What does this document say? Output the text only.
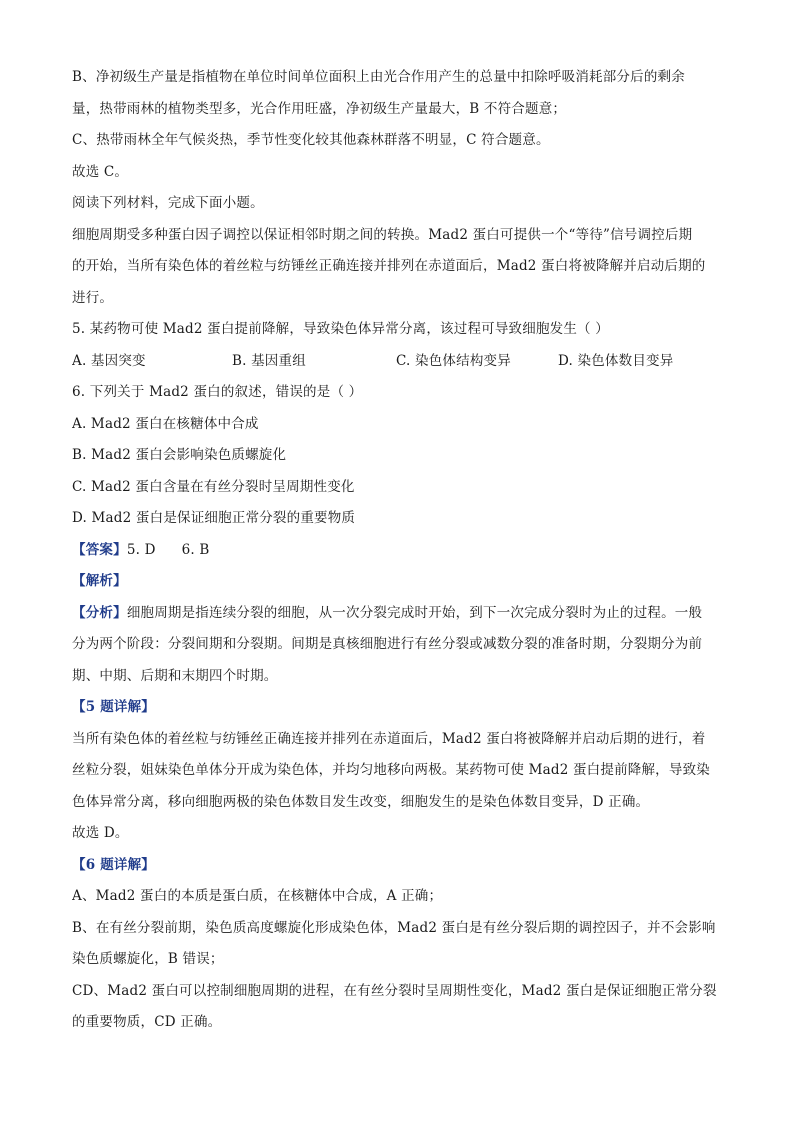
B、净初级生产量是指植物在单位时间单位面积上由光合作用产生的总量中扣除呼吸消耗部分后的剩余
量，热带雨林的植物类型多，光合作用旺盛，净初级生产量最大，B 不符合题意；
C、热带雨林全年气候炎热，季节性变化较其他森林群落不明显，C 符合题意。
故选 C。
阅读下列材料，完成下面小题。
细胞周期受多种蛋白因子调控以保证相邻时期之间的转换。Mad2 蛋白可提供一个“等待”信号调控后期
的开始，当所有染色体的着丝粒与纺锤丝正确连接并排列在赤道面后，Mad2 蛋白将被降解并启动后期的
进行。
5. 某药物可使 Mad2 蛋白提前降解，导致染色体异常分离，该过程可导致细胞发生（ ）
A. 基因突变	B. 基因重组	C. 染色体结构变异	D. 染色体数目变异
6. 下列关于 Mad2 蛋白的叙述，错误的是（ ）
A. Mad2 蛋白在核糖体中合成
B. Mad2 蛋白会影响染色质螺旋化
C. Mad2 蛋白含量在有丝分裂时呈周期性变化
D. Mad2 蛋白是保证细胞正常分裂的重要物质
【答案】5. D 6. B
【解析】
【分析】细胞周期是指连续分裂的细胞，从一次分裂完成时开始，到下一次完成分裂时为止的过程。一般
分为两个阶段：分裂间期和分裂期。间期是真核细胞进行有丝分裂或减数分裂的准备时期，分裂期分为前
期、中期、后期和末期四个时期。
【5 题详解】
当所有染色体的着丝粒与纺锤丝正确连接并排列在赤道面后，Mad2 蛋白将被降解并启动后期的进行，着
丝粒分裂，姐妹染色单体分开成为染色体，并均匀地移向两极。某药物可使 Mad2 蛋白提前降解，导致染
色体异常分离，移向细胞两极的染色体数目发生改变，细胞发生的是染色体数目变异，D 正确。
故选 D。
【6 题详解】
A、Mad2 蛋白的本质是蛋白质，在核糖体中合成，A 正确；
B、在有丝分裂前期，染色质高度螺旋化形成染色体，Mad2 蛋白是有丝分裂后期的调控因子，并不会影响
染色质螺旋化，B 错误；
CD、Mad2 蛋白可以控制细胞周期的进程，在有丝分裂时呈周期性变化，Mad2 蛋白是保证细胞正常分裂
的重要物质，CD 正确。
